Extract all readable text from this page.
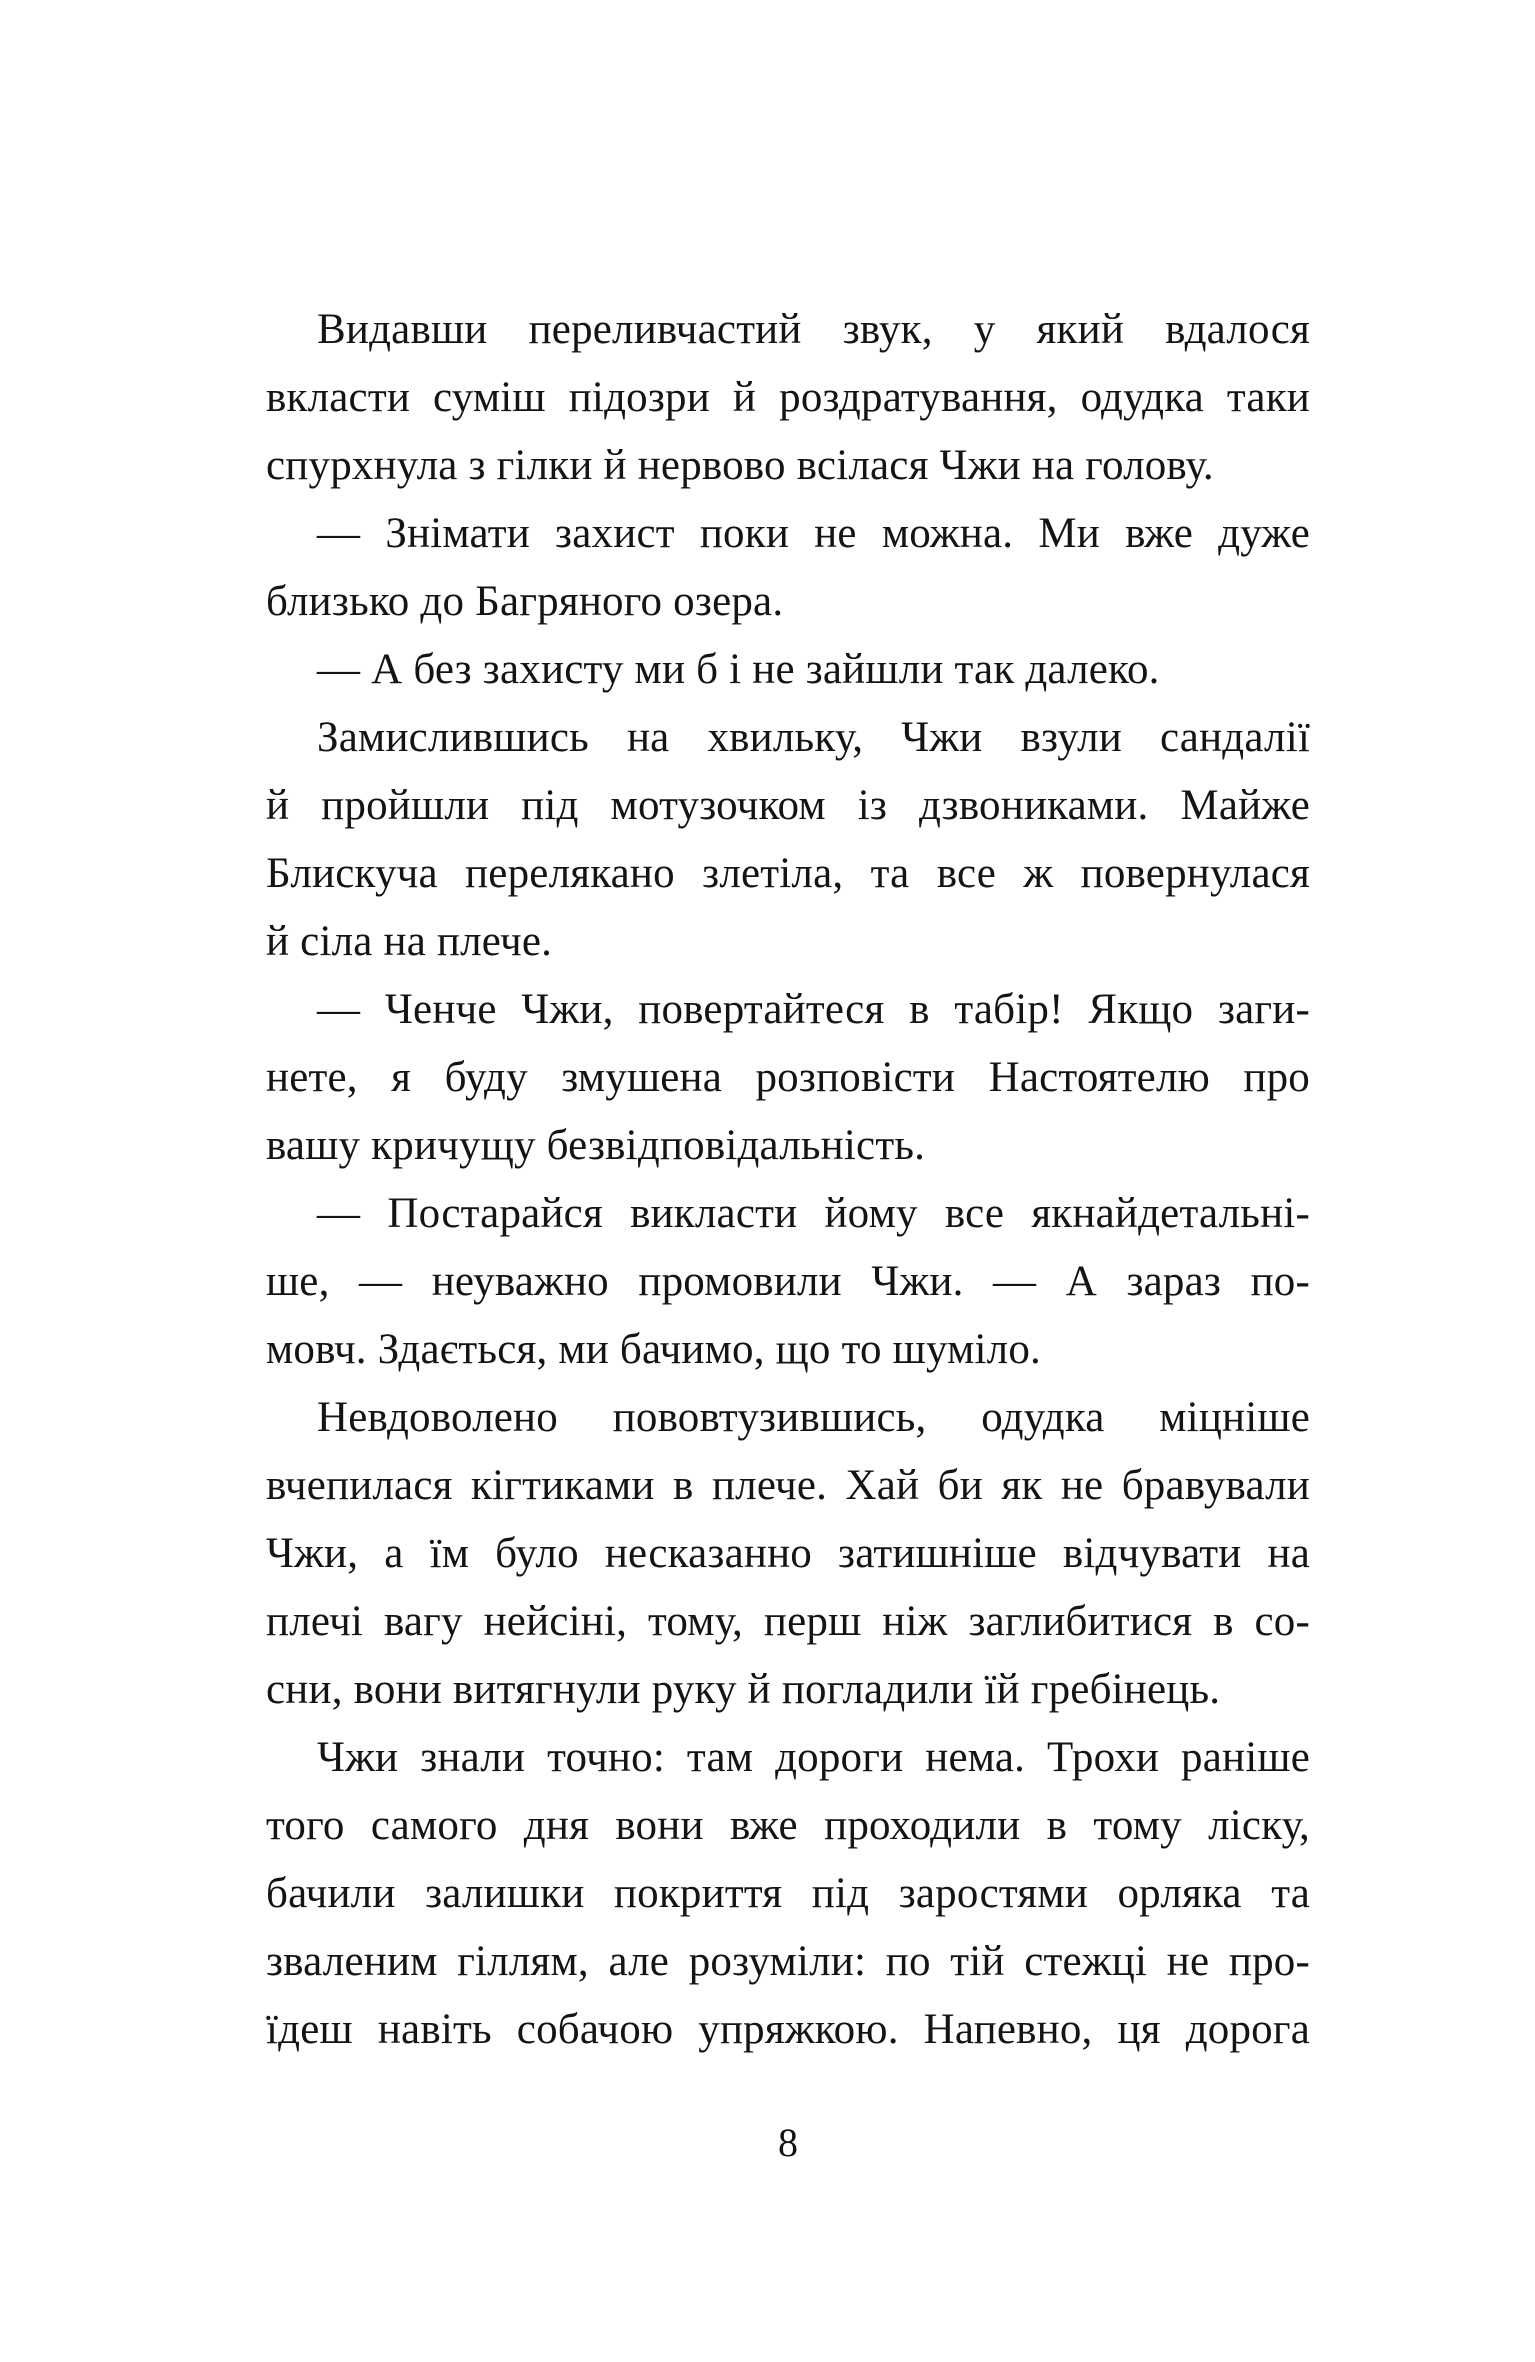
Видавши переливчастий звук, у який вдалося
вкласти суміш підозри й роздратування, одудка таки
спурхнула з гілки й нервово всілася Чжи на голову.
— Знімати захист поки не можна. Ми вже дуже
близько до Багряного озера.
— А без захисту ми б і не зайшли так далеко.
Замислившись на хвильку, Чжи взули сандалії
й пройшли під мотузочком із дзвониками. Майже
Блискуча перелякано злетіла, та все ж повернулася
й сіла на плече.
— Ченче Чжи, повертайтеся в табір! Якщо заги-
нете, я буду змушена розповісти Настоятелю про
вашу кричущу безвідповідальність.
— Постарайся викласти йому все якнайдетальні-
ше, — неуважно промовили Чжи. — А зараз по-
мовч. Здається, ми бачимо, що то шуміло.
Невдоволено пововтузившись, одудка міцніше
вчепилася кігтиками в плече. Хай би як не бравували
Чжи, а їм було несказанно затишніше відчувати на
плечі вагу нейсіні, тому, перш ніж заглибитися в со-
сни, вони витягнули руку й погладили їй гребінець.
Чжи знали точно: там дороги нема. Трохи раніше
того самого дня вони вже проходили в тому ліску,
бачили залишки покриття під заростями орляка та
зваленим гіллям, але розуміли: по тій стежці не про-
їдеш навіть собачою упряжкою. Напевно, ця дорога
8
